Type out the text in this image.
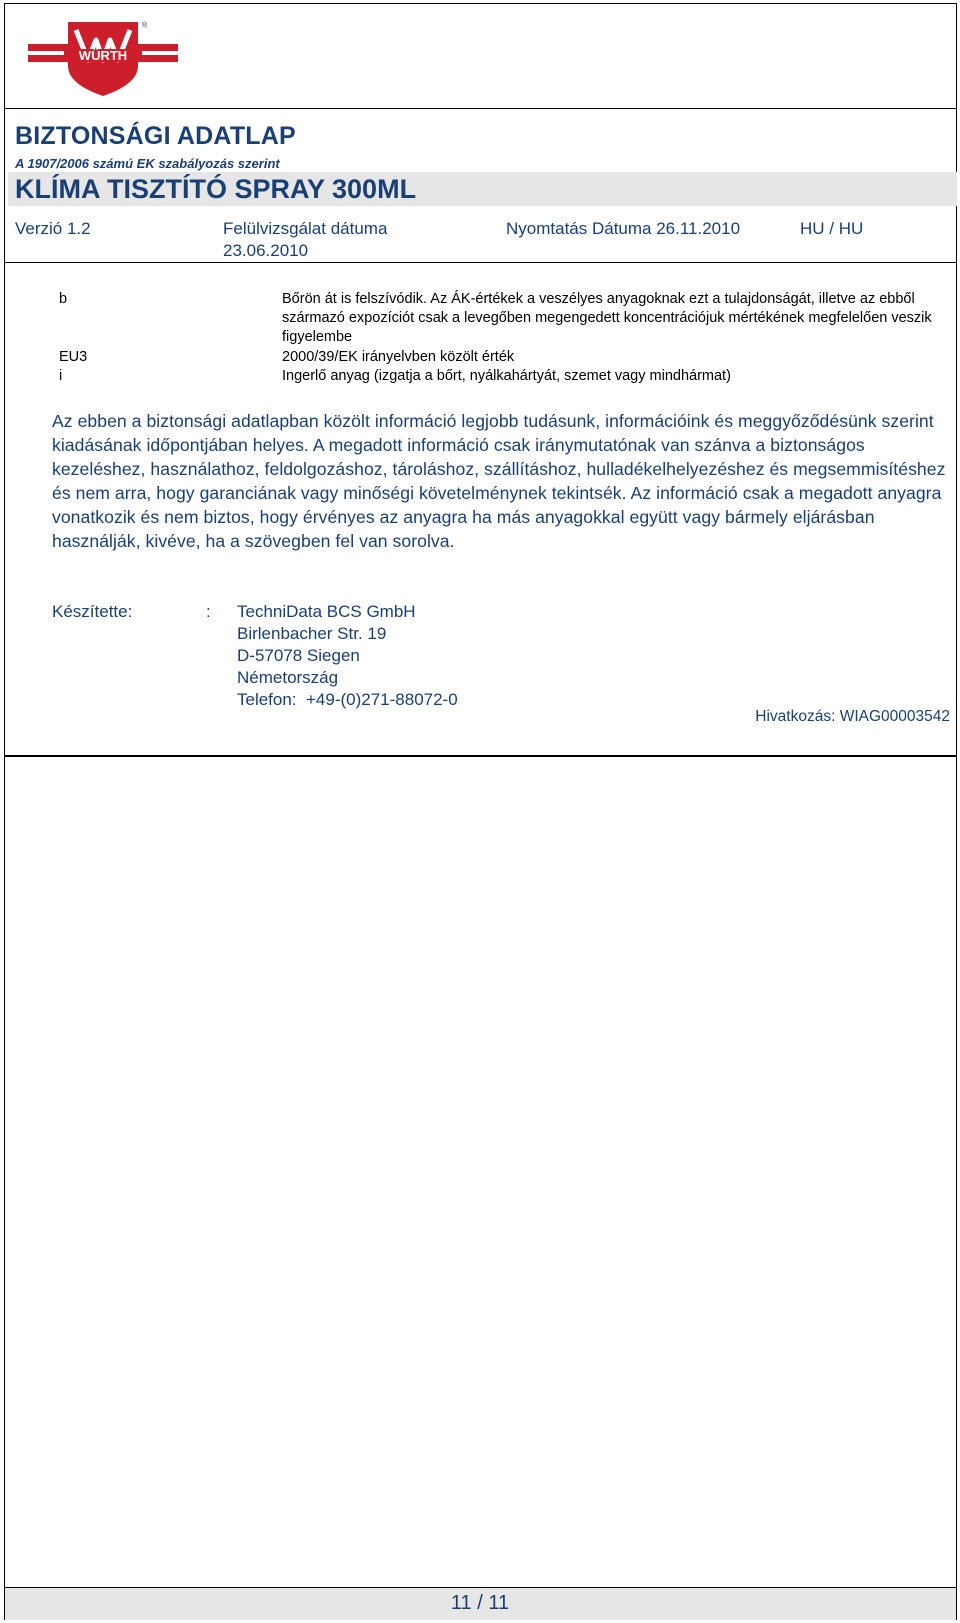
WÜRTH
®
BIZTONSÁGI ADATLAP
A 1907/2006 számú EK szabályozás szerint
KLÍMA TISZTÍTÓ SPRAY 300ML
Verzió 1.2	Felülvizsgálat dátuma
23.06.2010
Nyomtatás Dátuma 26.11.2010	HU / HU
b	Bőrön át is felszívódik. Az ÁK-értékek a veszélyes anyagoknak ezt a tulajdonságát, illetve az ebből származó expozíciót csak a levegőben megengedett koncentrációjuk mértékének megfelelően veszik figyelembe
EU3	2000/39/EK irányelvben közölt érték
i	Ingerlő anyag (izgatja a bőrt, nyálkahártyát, szemet vagy mindhármat)
Az ebben a biztonsági adatlapban közölt információ legjobb tudásunk, információink és meggyőződésünk szerint kiadásának időpontjában helyes. A megadott információ csak iránymutatónak van szánva a biztonságos kezeléshez, használathoz, feldolgozáshoz, tároláshoz, szállításhoz, hulladékelhelyezéshez és megsemmisítéshez és nem arra, hogy garanciának vagy minőségi követelménynek tekintsék. Az információ csak a megadott anyagra vonatkozik és nem biztos, hogy érvényes az anyagra ha más anyagokkal együtt vagy bármely eljárásban használják, kivéve, ha a szövegben fel van sorolva.
Készítette:	: TechniData BCS GmbH
Birlenbacher Str. 19
D-57078 Siegen
Németország
Telefon:  +49-(0)271-88072-0
Hivatkozás: WIAG00003542
11 / 11
